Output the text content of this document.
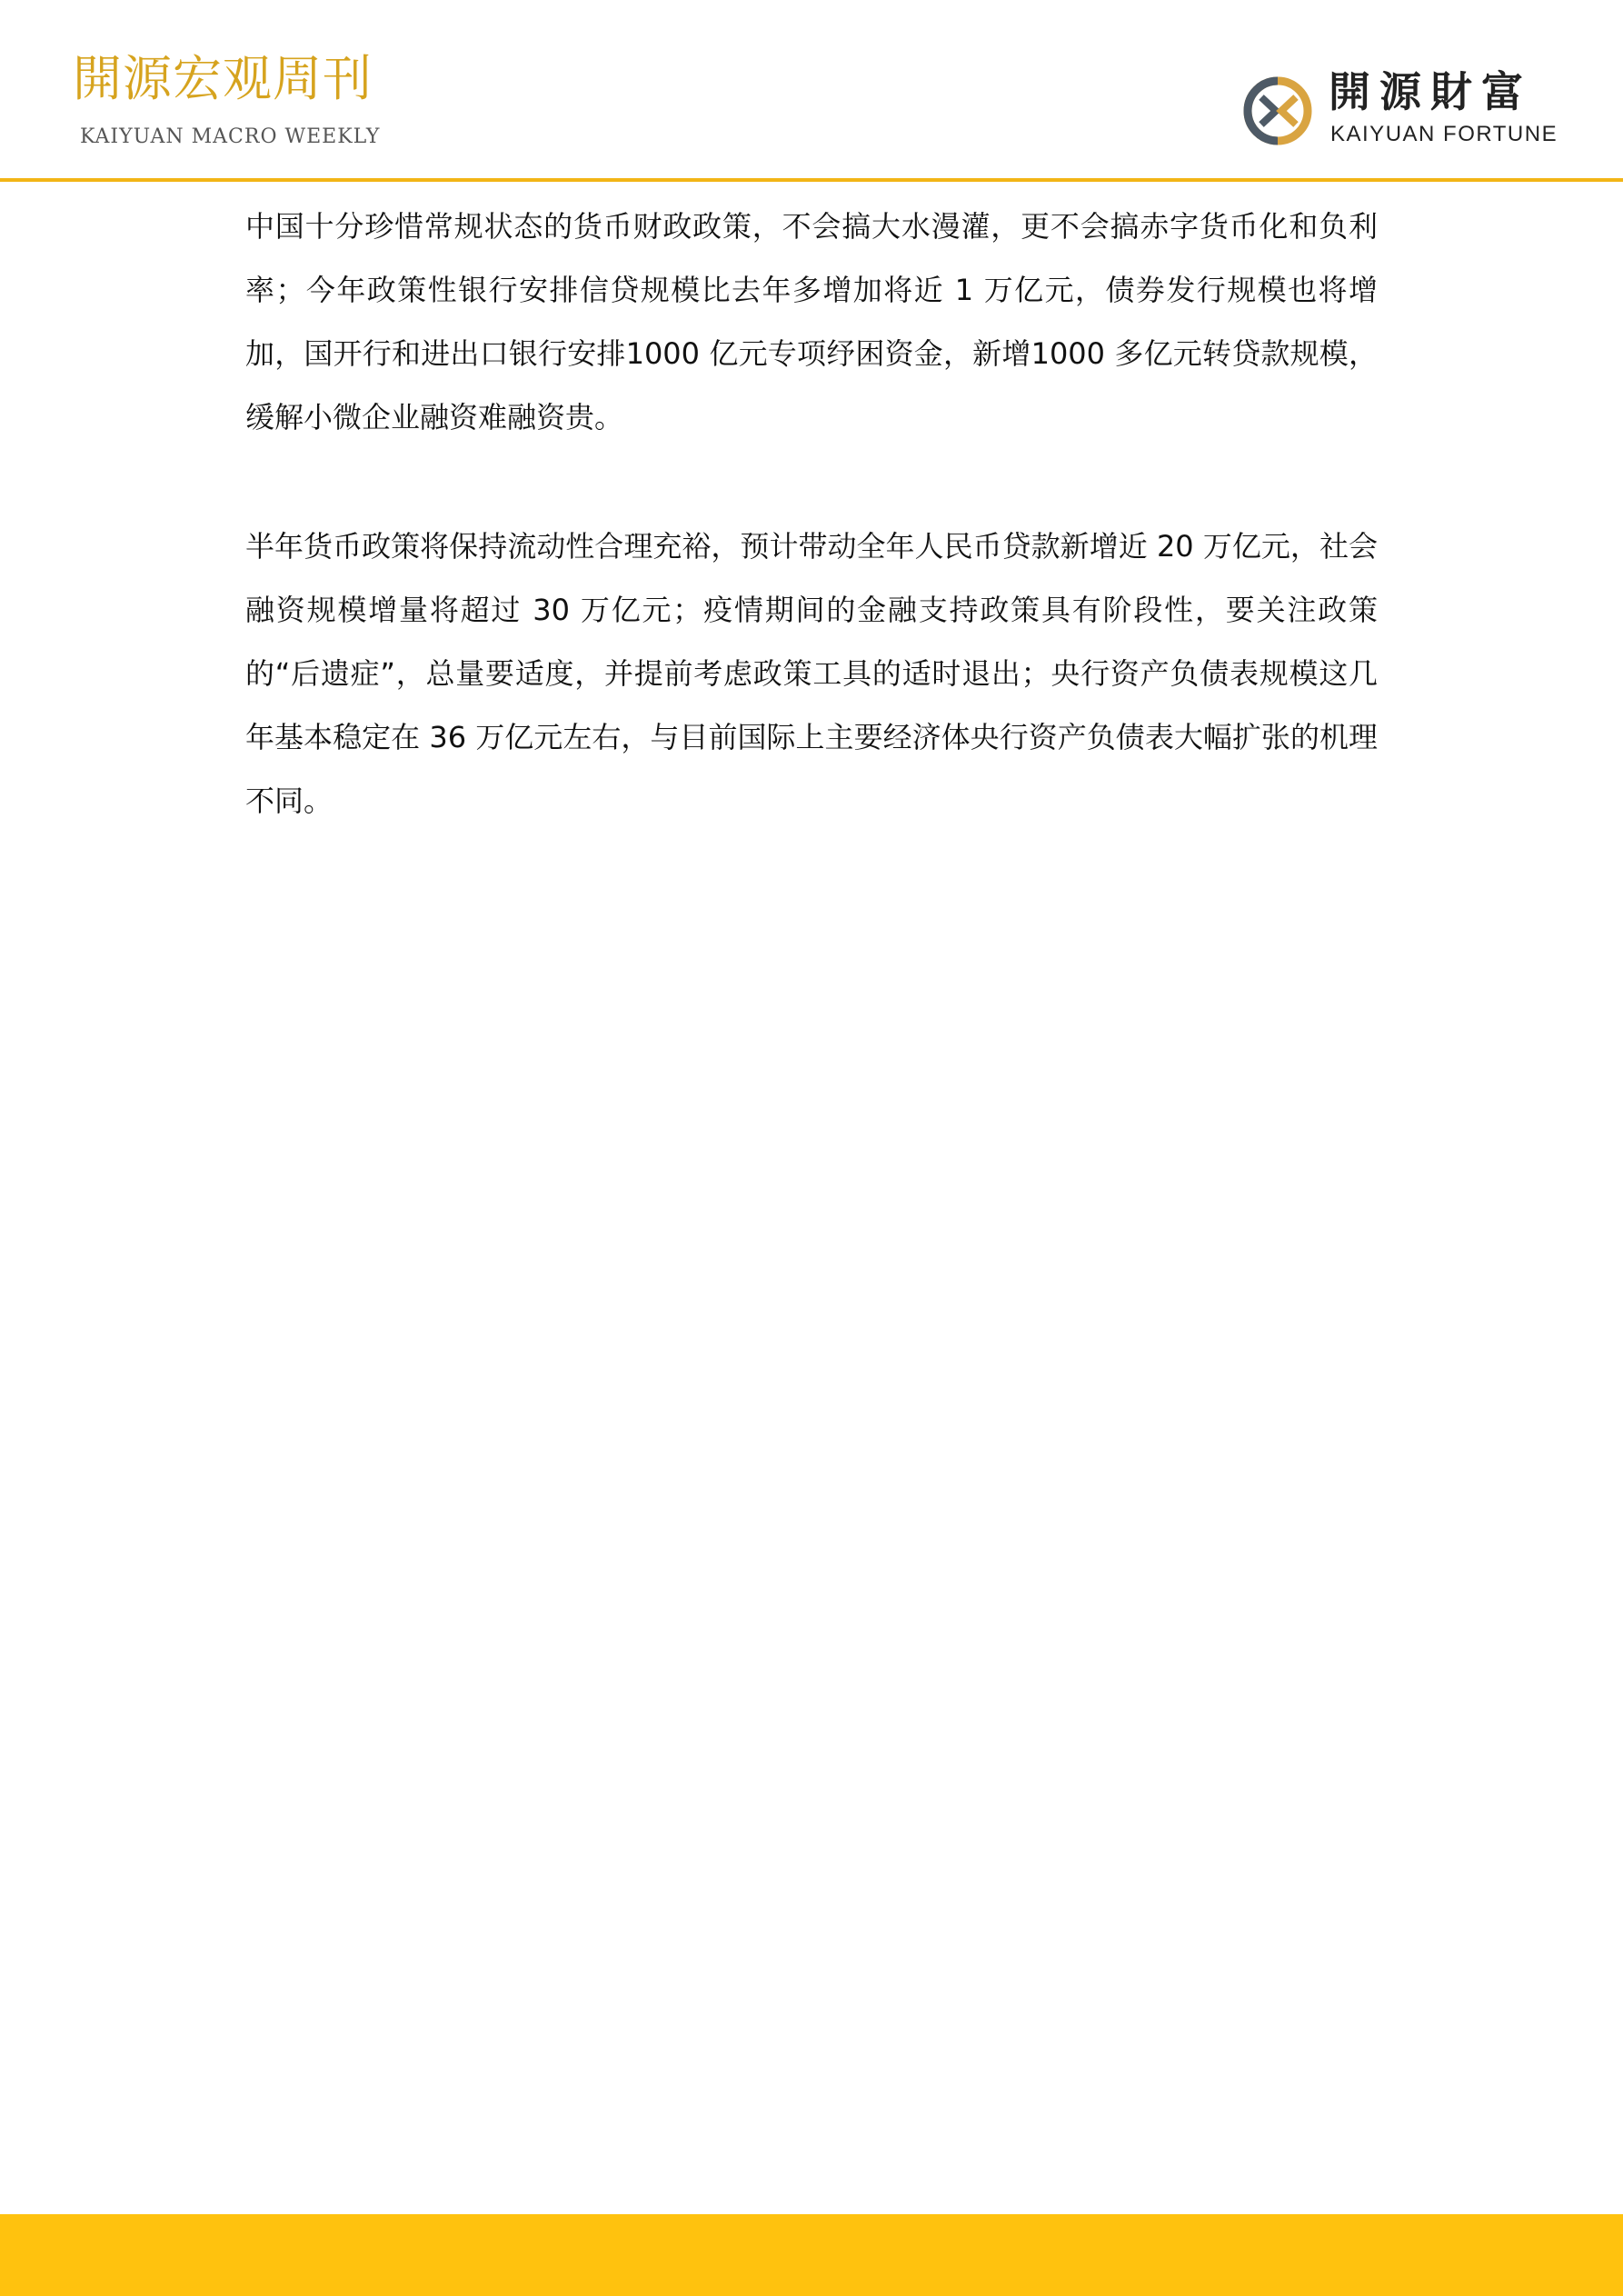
開源宏观周刊
KAIYUAN MACRO WEEKLY
開源財富
KAIYUAN FORTUNE

中国十分珍惜常规状态的货币财政政策，不会搞大水漫灌，更不会搞赤字货币化和负利率；今年政策性银行安排信贷规模比去年多增加将近 1 万亿元，债券发行规模也将增加，国开行和进出口银行安排1000 亿元专项纾困资金，新增1000 多亿元转贷款规模，缓解小微企业融资难融资贵。

半年货币政策将保持流动性合理充裕，预计带动全年人民币贷款新增近 20 万亿元，社会融资规模增量将超过 30 万亿元；疫情期间的金融支持政策具有阶段性，要关注政策的“后遗症”，总量要适度，并提前考虑政策工具的适时退出；央行资产负债表规模这几年基本稳定在 36 万亿元左右，与目前国际上主要经济体央行资产负债表大幅扩张的机理不同。
